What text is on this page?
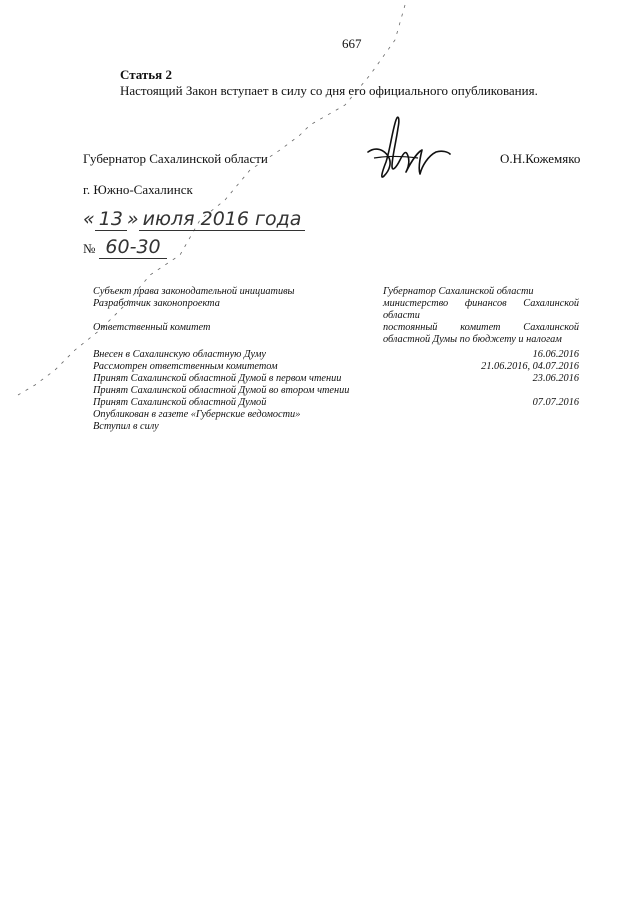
667
Статья 2
Настоящий Закон вступает в силу со дня его официального опубликования.
Губернатор Сахалинской области	О.Н.Кожемяко
г. Южно-Сахалинск
« 13 » июля 2016 года
№ 60-30
Субъект права законодательной инициативы	Губернатор Сахалинской области
Разработчик законопроекта	министерство финансов Сахалинской
области
Ответственный комитет	постоянный комитет Сахалинской
областной Думы по бюджету и налогам
Внесен в Сахалинскую областную Думу	16.06.2016
Рассмотрен ответственным комитетом	21.06.2016, 04.07.2016
Принят Сахалинской областной Думой в первом чтении	23.06.2016
Принят Сахалинской областной Думой во втором чтении
Принят Сахалинской областной Думой	07.07.2016
Опубликован в газете «Губернские ведомости»
Вступил в силу
